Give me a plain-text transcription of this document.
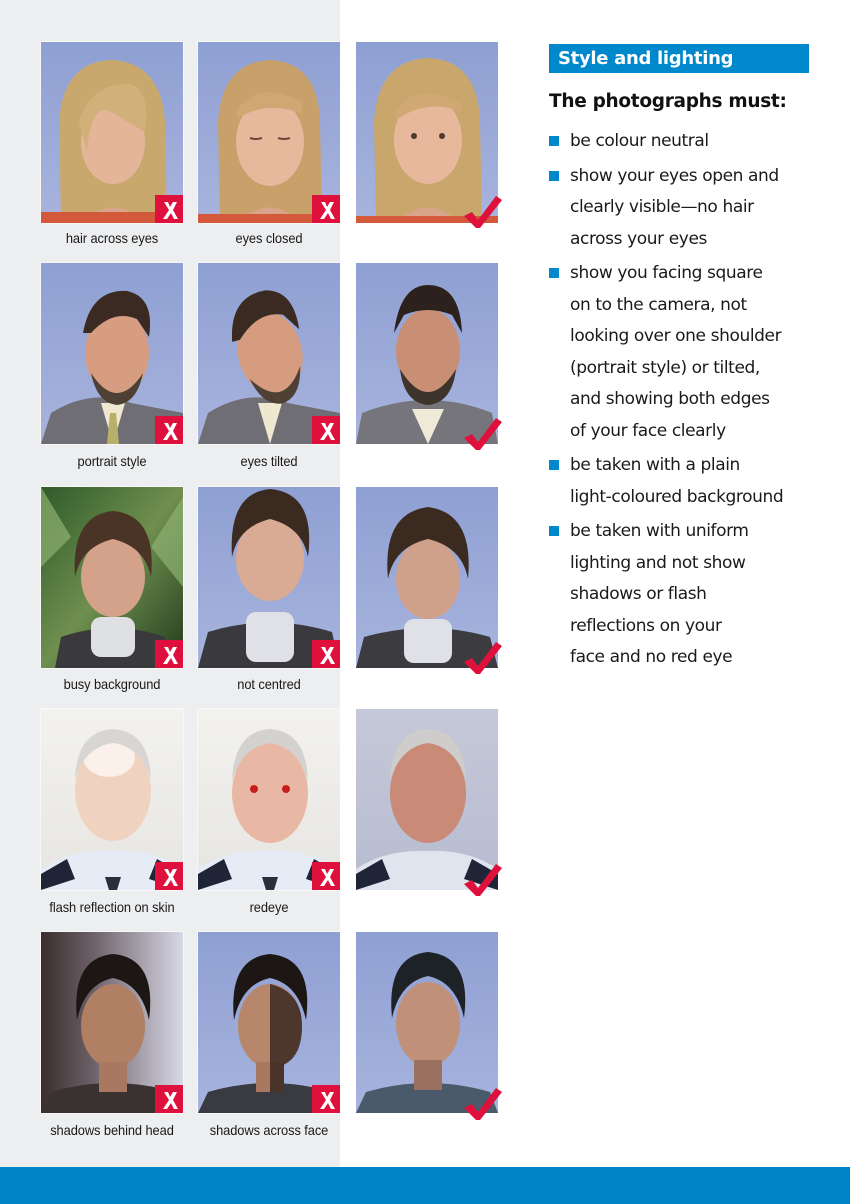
hair across eyes	eyes closed
portrait style	eyes tilted
busy background	not centred
flash reflection on skin	redeye
shadows behind head	shadows across face
Style and lighting
The photographs must:
be colour neutral
show your eyes open and
clearly visible—no hair
across your eyes
show you facing square
on to the camera, not
looking over one shoulder
(portrait style) or tilted,
and showing both edges
of your face clearly
be taken with a plain
light-coloured background
be taken with uniform
lighting and not show
shadows or flash
reflections on your
face and no red eye
